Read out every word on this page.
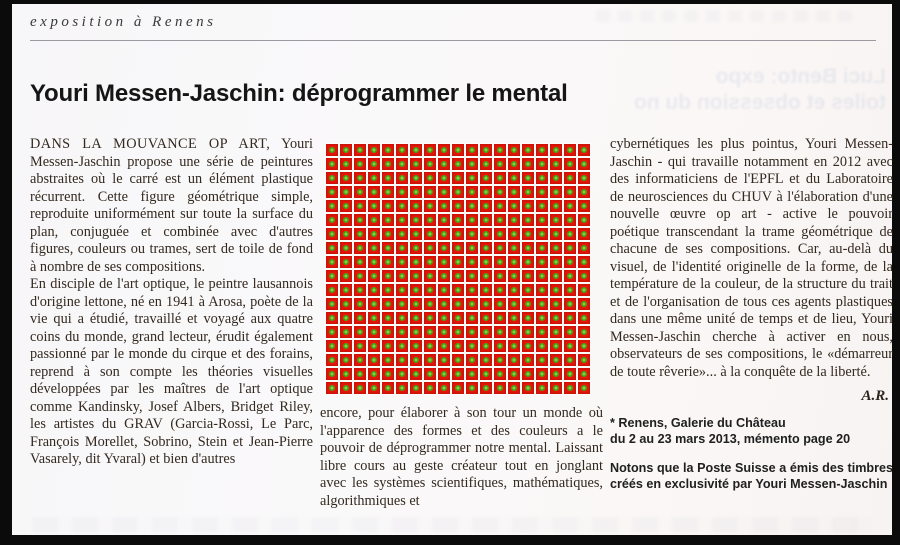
exposition à Renens
Luci Bento: expo
toiles et obsession du no
Youri Messen-Jaschin: déprogrammer le mental

DANS LA MOUVANCE OP ART, Youri Messen-Jaschin propose une série de peintures abstraites où le carré est un élément plastique récurrent. Cette figure géométrique simple, reproduite uniformément sur toute la surface du plan, conjuguée et combinée avec d'autres figures, couleurs ou trames, sert de toile de fond à nombre de ses compositions.

En disciple de l'art optique, le peintre lausannois d'origine lettone, né en 1941 à Arosa, poète de la vie qui a étudié, travaillé et voyagé aux quatre coins du monde, grand lecteur, érudit également passionné par le monde du cirque et des forains, reprend à son compte les théories visuelles développées par les maîtres de l'art optique comme Kandinsky, Josef Albers, Bridget Riley, les artistes du GRAV (Garcia-Rossi, Le Parc, François Morellet, Sobrino, Stein et Jean-Pierre Vasarely, dit Yvaral) et bien d'autres

encore, pour élaborer à son tour un monde où l'apparence des formes et des couleurs a le pouvoir de déprogrammer notre mental. Laissant libre cours au geste créateur tout en jonglant avec les systèmes scientifiques, mathématiques, algorithmiques et

cybernétiques les plus pointus, Youri Messen-Jaschin - qui travaille notamment en 2012 avec des informaticiens de l'EPFL et du Laboratoire de neurosciences du CHUV à l'élaboration d'une nouvelle œuvre op art - active le pouvoir poétique transcendant la trame géométrique de chacune de ses compositions. Car, au-delà du visuel, de l'identité originelle de la forme, de la température de la couleur, de la structure du trait et de l'organisation de tous ces agents plastiques dans une même unité de temps et de lieu, Youri Messen-Jaschin cherche à activer en nous, observateurs de ses compositions, le «démarreur de toute rêverie»... à la conquête de la liberté.

A.R.
* Renens, Galerie du Château
du 2 au 23 mars 2013, mémento page 20
Notons que la Poste Suisse a émis des timbres créés en exclusivité par Youri Messen-Jaschin
